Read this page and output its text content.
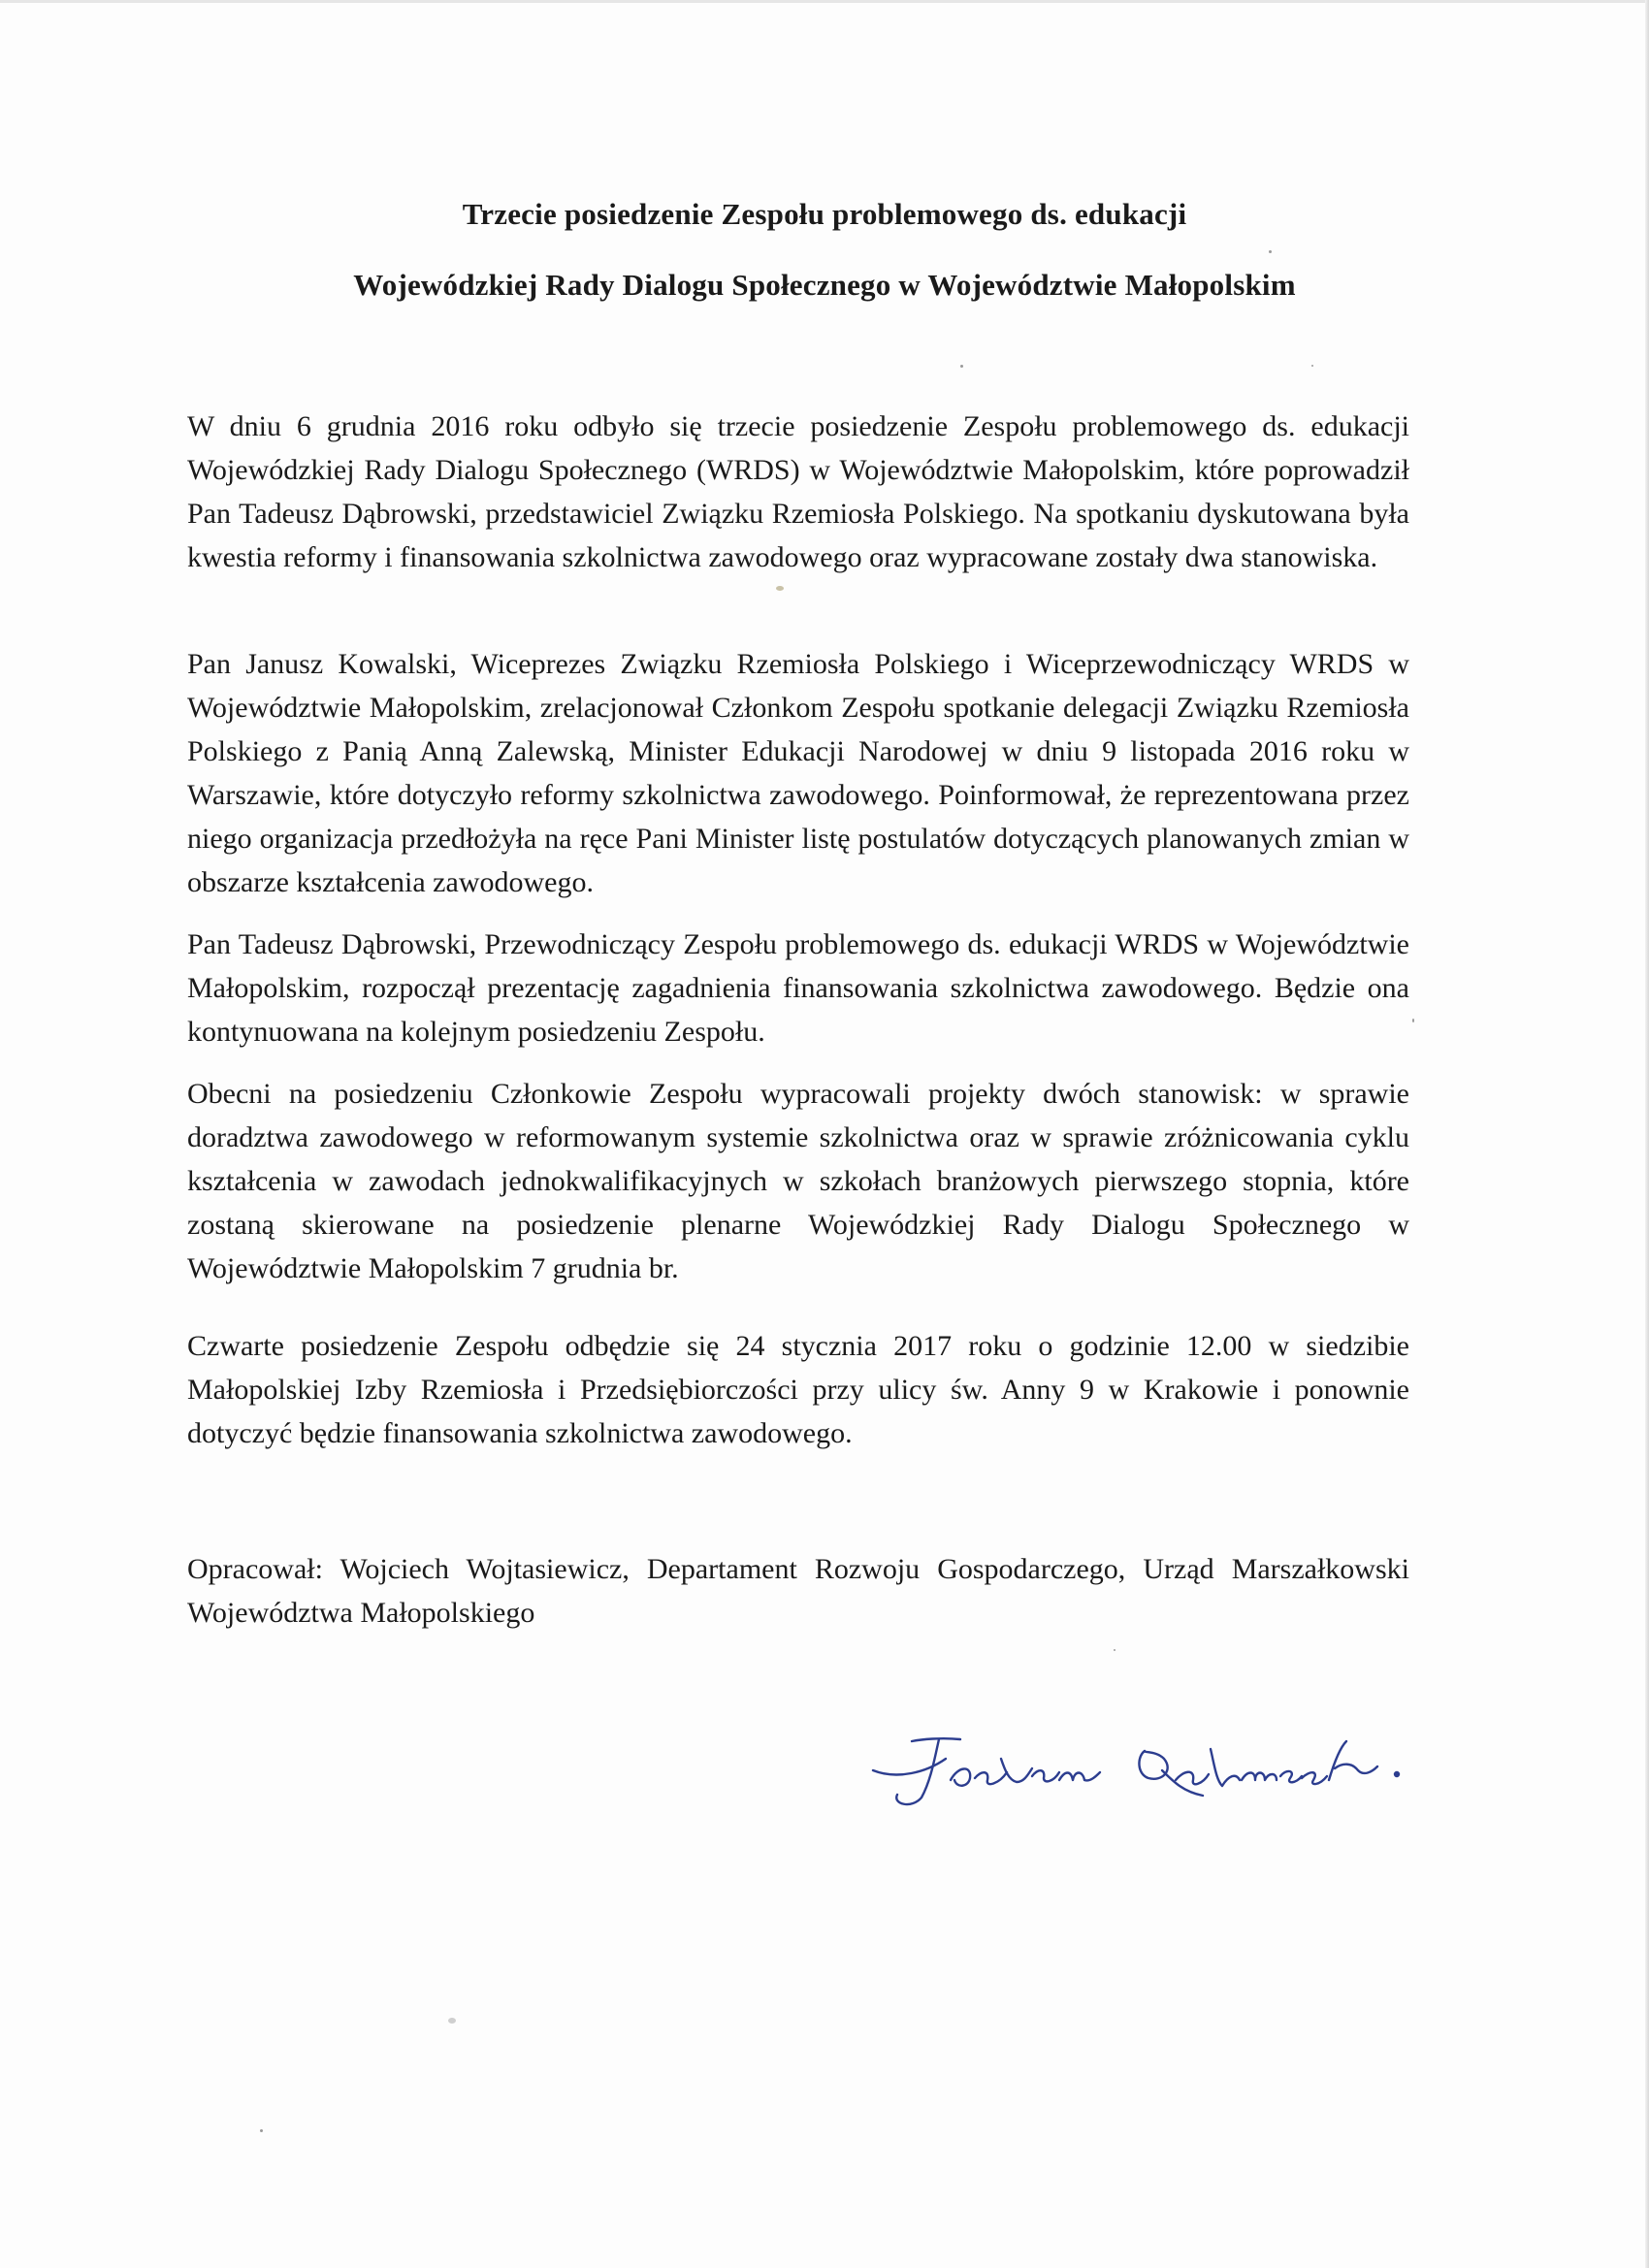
Trzecie posiedzenie Zespołu problemowego ds. edukacji
Wojewódzkiej Rady Dialogu Społecznego w Województwie Małopolskim

W dniu 6 grudnia 2016 roku odbyło się trzecie posiedzenie Zespołu problemowego ds. edukacji Wojewódzkiej Rady Dialogu Społecznego (WRDS) w Województwie Małopolskim, które poprowadził Pan Tadeusz Dąbrowski, przedstawiciel Związku Rzemiosła Polskiego. Na spotkaniu dyskutowana była kwestia reformy i finansowania szkolnictwa zawodowego oraz wypracowane zostały dwa stanowiska.

Pan Janusz Kowalski, Wiceprezes Związku Rzemiosła Polskiego i Wiceprzewodniczący WRDS w Województwie Małopolskim, zrelacjonował Członkom Zespołu spotkanie delegacji Związku Rzemiosła Polskiego z Panią Anną Zalewską, Minister Edukacji Narodowej w dniu 9 listopada 2016 roku w Warszawie, które dotyczyło reformy szkolnictwa zawodowego. Poinformował, że reprezentowana przez niego organizacja przedłożyła na ręce Pani Minister listę postulatów dotyczących planowanych zmian w obszarze kształcenia zawodowego.

Pan Tadeusz Dąbrowski, Przewodniczący Zespołu problemowego ds. edukacji WRDS w Województwie Małopolskim, rozpoczął prezentację zagadnienia finansowania szkolnictwa zawodowego. Będzie ona kontynuowana na kolejnym posiedzeniu Zespołu.

Obecni na posiedzeniu Członkowie Zespołu wypracowali projekty dwóch stanowisk: w sprawie doradztwa zawodowego w reformowanym systemie szkolnictwa oraz w sprawie zróżnicowania cyklu kształcenia w zawodach jednokwalifikacyjnych w szkołach branżowych pierwszego stopnia, które zostaną skierowane na posiedzenie plenarne Wojewódzkiej Rady Dialogu Społecznego w Województwie Małopolskim 7 grudnia br.

Czwarte posiedzenie Zespołu odbędzie się 24 stycznia 2017 roku o godzinie 12.00 w siedzibie Małopolskiej Izby Rzemiosła i Przedsiębiorczości przy ulicy św. Anny 9 w Krakowie i ponownie dotyczyć będzie finansowania szkolnictwa zawodowego.

Opracował: Wojciech Wojtasiewicz, Departament Rozwoju Gospodarczego, Urząd Marszałkowski Województwa Małopolskiego
